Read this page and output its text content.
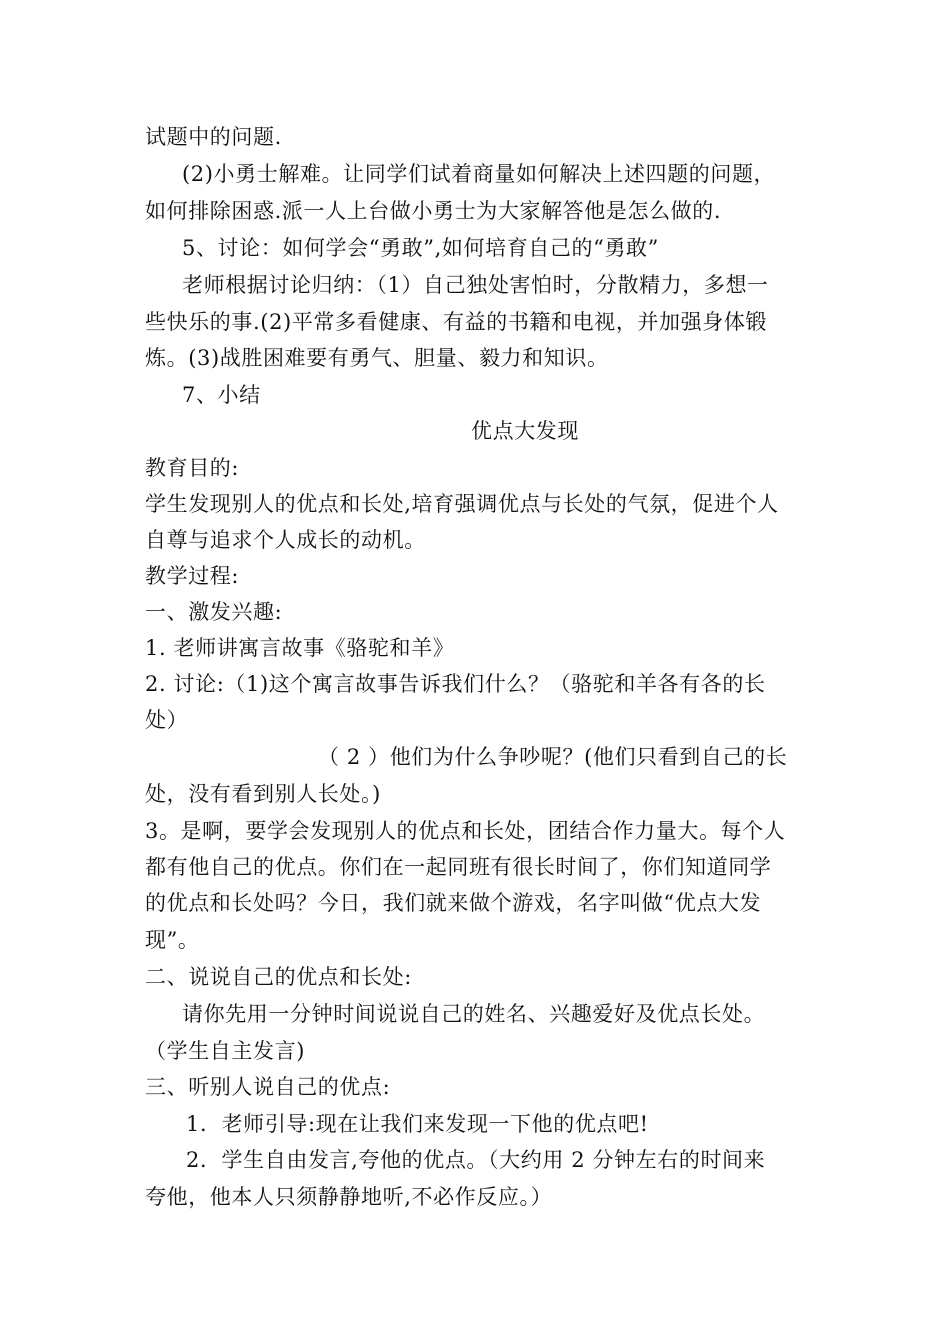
试题中的问题.
(2)小勇士解难。让同学们试着商量如何解决上述四题的问题，
如何排除困惑.派一人上台做小勇士为大家解答他是怎么做的.
5、讨论：如何学会“勇敢”,如何培育自己的“勇敢”
老师根据讨论归纳：（1）自己独处害怕时，分散精力，多想一
些快乐的事.(2)平常多看健康、有益的书籍和电视，并加强身体锻
炼。(3)战胜困难要有勇气、胆量、毅力和知识。
7、小结
优点大发现
教育目的:
学生发现别人的优点和长处,培育强调优点与长处的气氛，促进个人
自尊与追求个人成长的动机。
教学过程:
一、激发兴趣:
1. 老师讲寓言故事《骆驼和羊》
2. 讨论:（1)这个寓言故事告诉我们什么？（骆驼和羊各有各的长
处）
（ 2 ）他们为什么争吵呢？(他们只看到自己的长
处，没有看到别人长处。)
3。是啊，要学会发现别人的优点和长处，团结合作力量大。每个人
都有他自己的优点。你们在一起同班有很长时间了，你们知道同学
的优点和长处吗？今日，我们就来做个游戏，名字叫做“优点大发
现”。
二、说说自己的优点和长处:
请你先用一分钟时间说说自己的姓名、兴趣爱好及优点长处。
（学生自主发言)
三、听别人说自己的优点:
1．老师引导:现在让我们来发现一下他的优点吧!
2．学生自由发言,夸他的优点。（大约用 2 分钟左右的时间来
夸他，他本人只须静静地听,不必作反应。）
